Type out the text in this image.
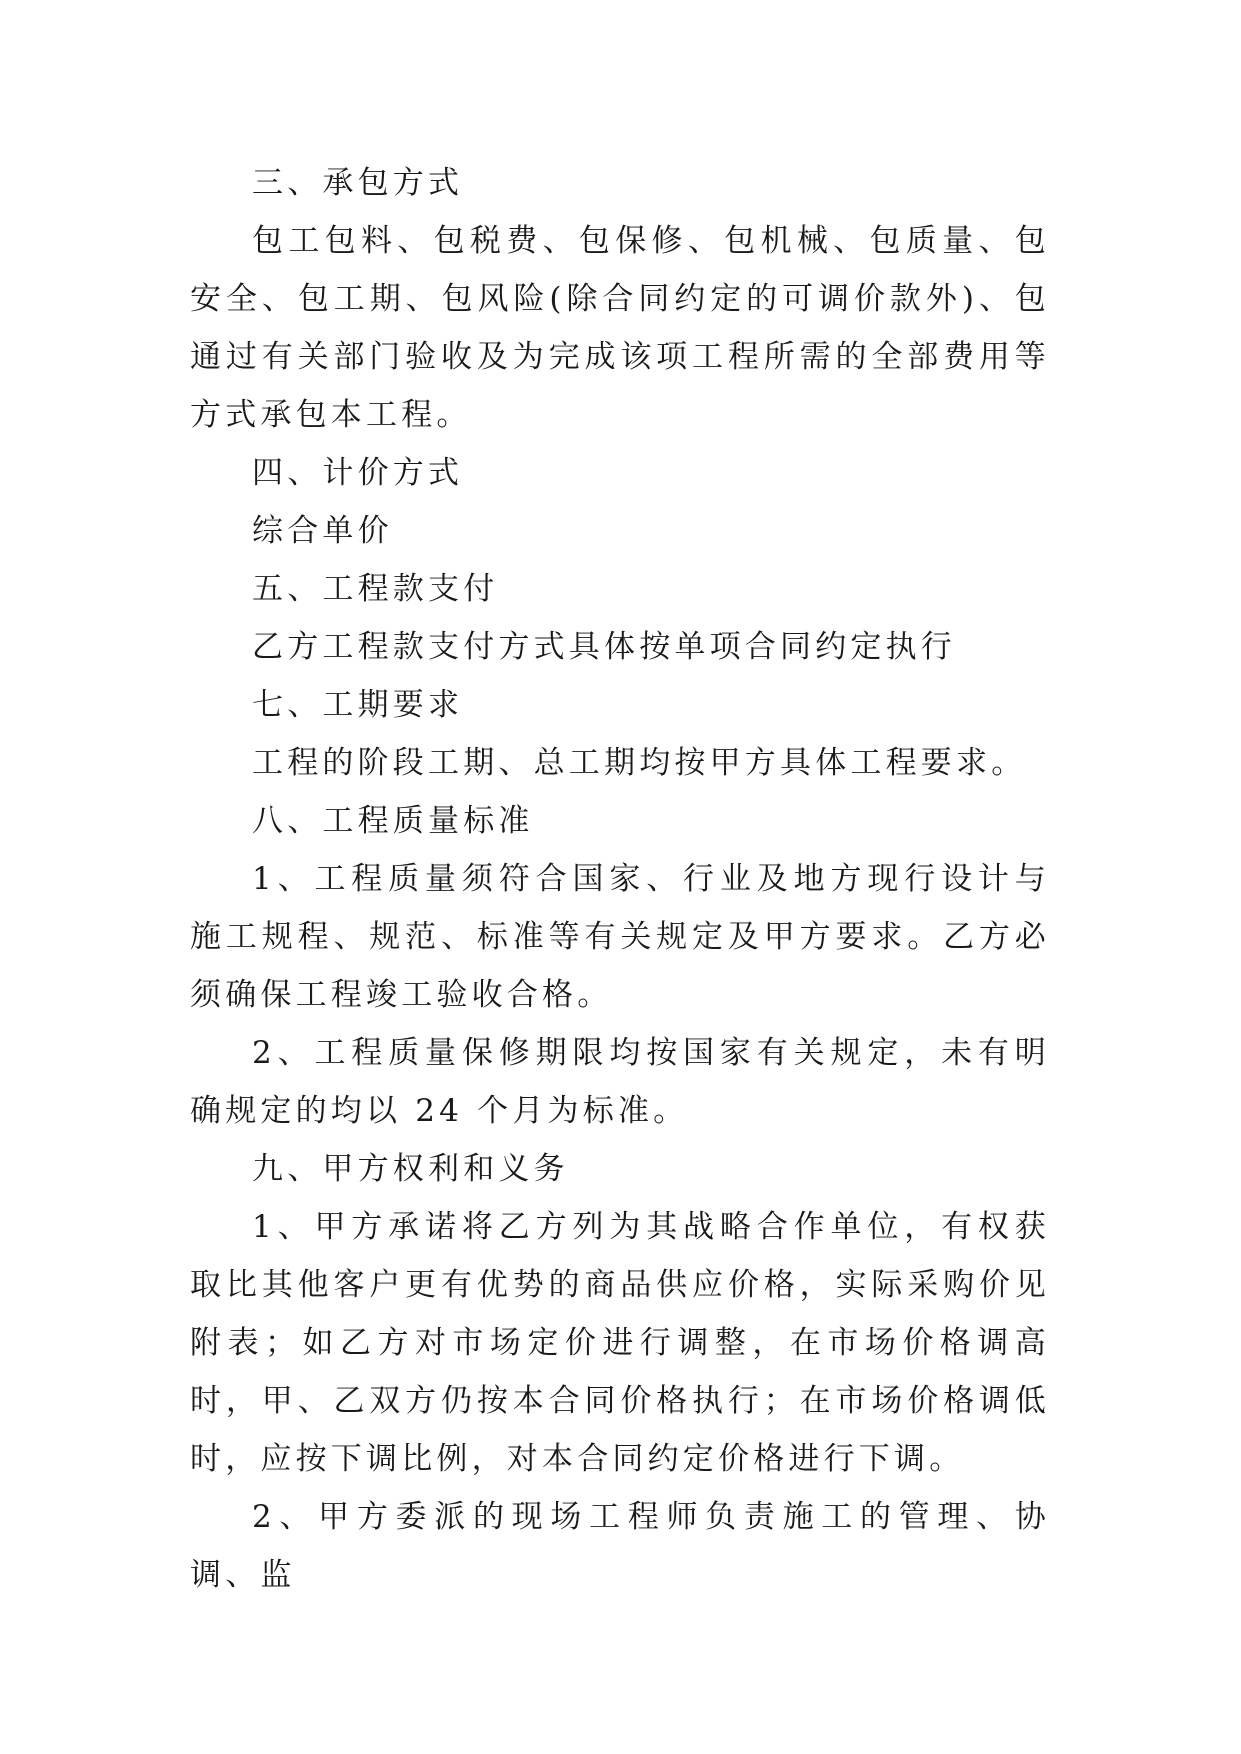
三、承包方式

包工包料、包税费、包保修、包机械、包质量、包安全、包工期、包风险(除合同约定的可调价款外)、包通过有关部门验收及为完成该项工程所需的全部费用等方式承包本工程。

四、计价方式

综合单价

五、工程款支付

乙方工程款支付方式具体按单项合同约定执行

七、工期要求

工程的阶段工期、总工期均按甲方具体工程要求。

八、工程质量标准

1、工程质量须符合国家、行业及地方现行设计与施工规程、规范、标准等有关规定及甲方要求。乙方必须确保工程竣工验收合格。

2、工程质量保修期限均按国家有关规定，未有明确规定的均以 24 个月为标准。

九、甲方权利和义务

1、甲方承诺将乙方列为其战略合作单位，有权获取比其他客户更有优势的商品供应价格，实际采购价见附表；如乙方对市场定价进行调整，在市场价格调高时，甲、乙双方仍按本合同价格执行；在市场价格调低时，应按下调比例，对本合同约定价格进行下调。

2、甲方委派的现场工程师负责施工的管理、协调、监
